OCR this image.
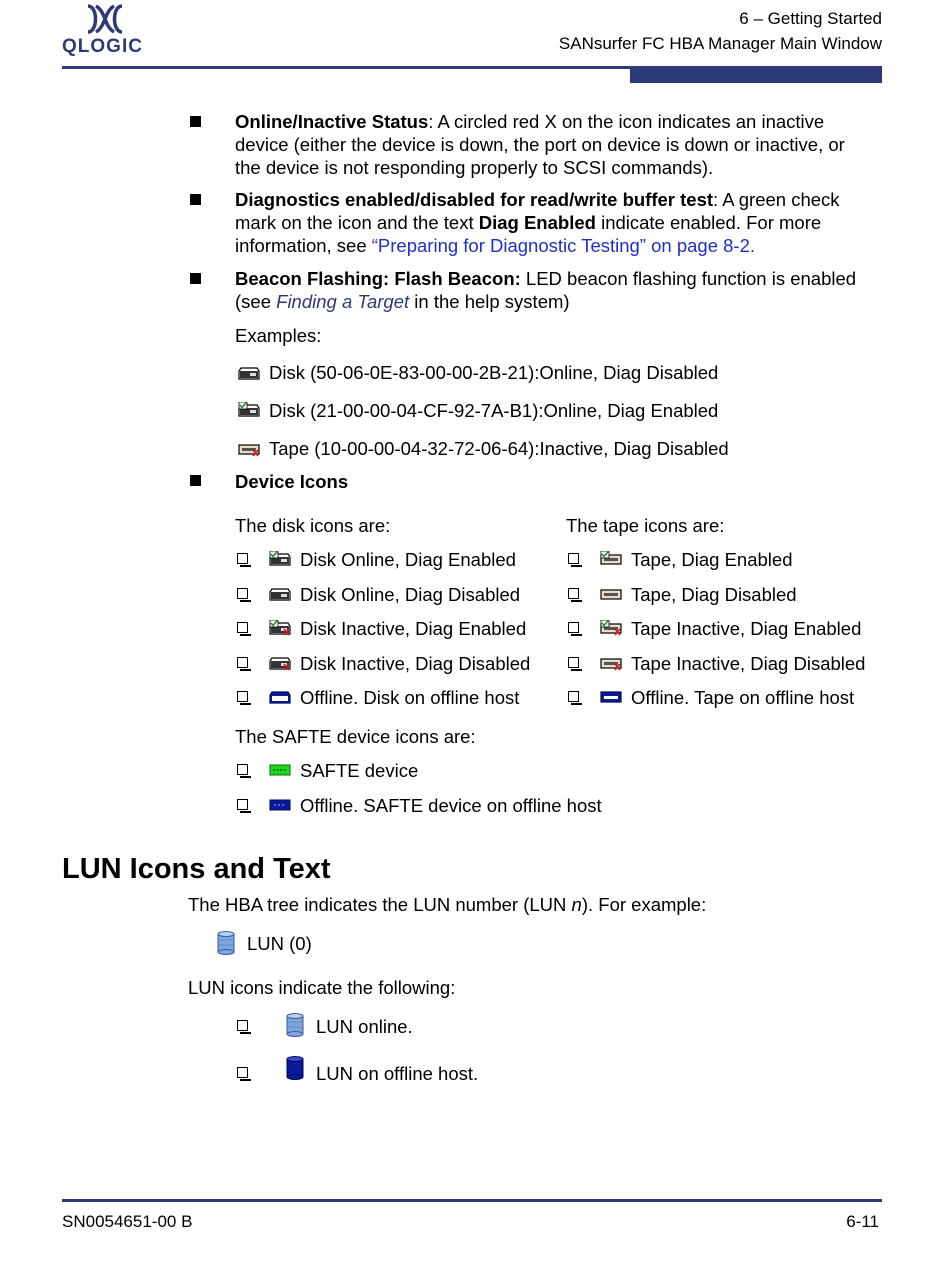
QLOGIC
6 – Getting Started
SANsurfer FC HBA Manager Main Window
Online/Inactive Status: A circled red X on the icon indicates an inactive
device (either the device is down, the port on device is down or inactive, or
the device is not responding properly to SCSI commands).
Diagnostics enabled/disabled for read/write buffer test: A green check
mark on the icon and the text Diag Enabled indicate enabled. For more
information, see “Preparing for Diagnostic Testing” on page 8-2.
Beacon Flashing: Flash Beacon: LED beacon flashing function is enabled
(see Finding a Target in the help system)
Examples:
Disk (50-06-0E-83-00-00-2B-21):Online, Diag Disabled
Disk (21-00-00-04-CF-92-7A-B1):Online, Diag Enabled
Tape (10-00-00-04-32-72-06-64):Inactive, Diag Disabled
Device Icons
The disk icons are:	The tape icons are:
Disk Online, Diag Enabled
Disk Online, Diag Disabled
Disk Inactive, Diag Enabled
Disk Inactive, Diag Disabled
Offline. Disk on offline host
Tape, Diag Enabled
Tape, Diag Disabled
Tape Inactive, Diag Enabled
Tape Inactive, Diag Disabled
Offline. Tape on offline host
The SAFTE device icons are:
SAFTE device
Offline. SAFTE device on offline host
LUN Icons and Text
The HBA tree indicates the LUN number (LUN n). For example:
LUN (0)
LUN icons indicate the following:
LUN online.
LUN on offline host.
SN0054651-00 B	6-11
